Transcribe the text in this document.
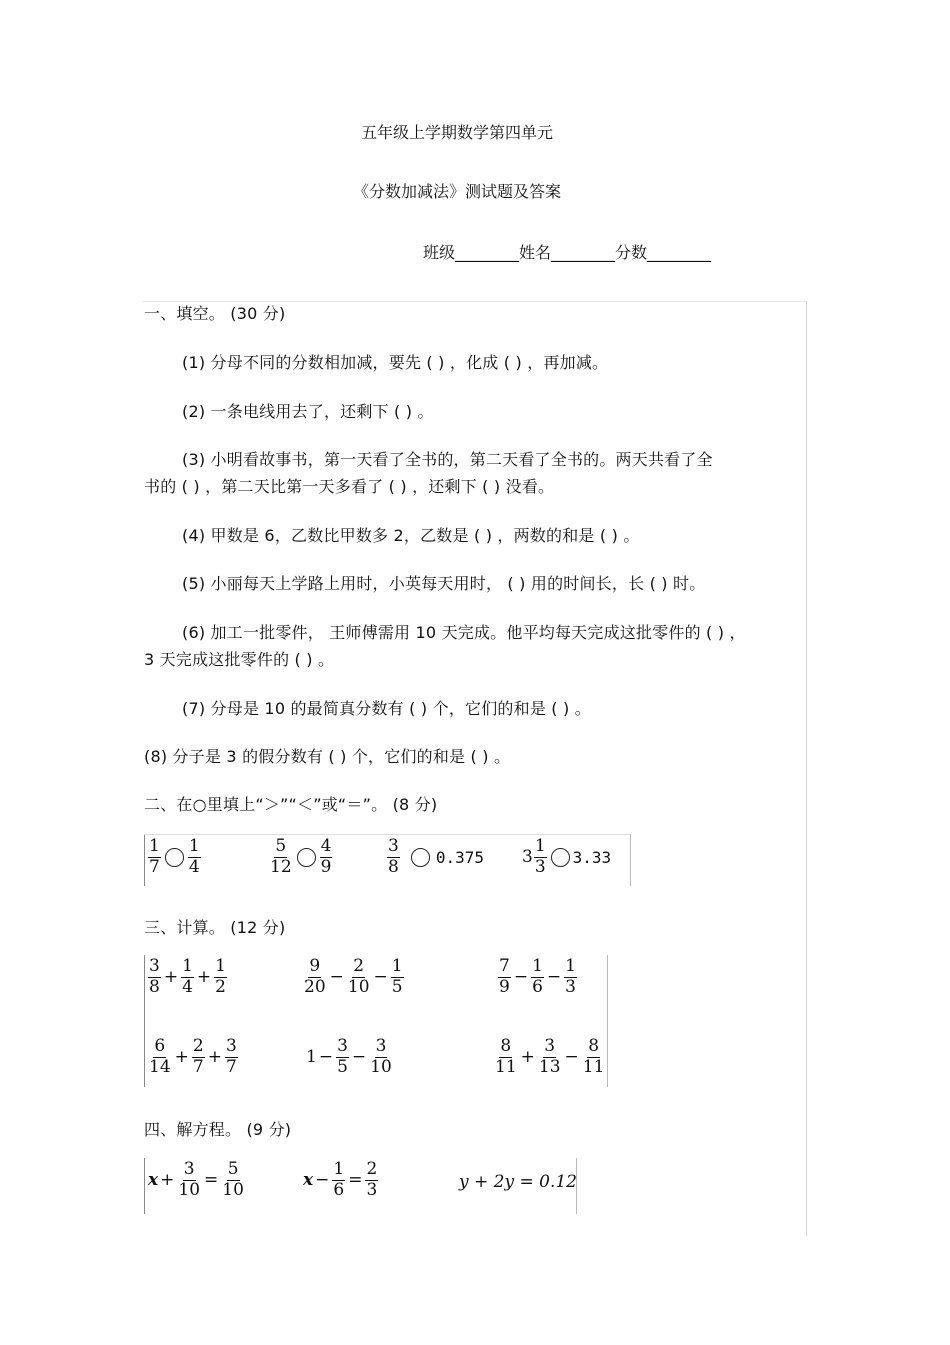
五年级上学期数学第四单元
《分数加减法》测试题及答案
班级________姓名________分数________
一、填空。 (30 分)
(1) 分母不同的分数相加减，要先 ( ) ，化成 ( ) ，再加减。
(2) 一条电线用去了，还剩下 ( ) 。
(3) 小明看故事书，第一天看了全书的，第二天看了全书的。两天共看了全
书的 ( ) ，第二天比第一天多看了 ( ) ，还剩下 ( ) 没看。
(4) 甲数是 6，乙数比甲数多 2，乙数是 ( ) ，两数的和是 ( ) 。
(5) 小丽每天上学路上用时，小英每天用时， ( ) 用的时间长，长 ( ) 时。
(6) 加工一批零件， 王师傅需用 10 天完成。他平均每天完成这批零件的 ( ) ，
3 天完成这批零件的 ( ) 。
(7) 分母是 10 的最简真分数有 ( ) 个，它们的和是 ( ) 。
(8) 分子是 3 的假分数有 ( ) 个，它们的和是 ( ) 。
二、在○里填上“＞”“＜”或“＝”。 (8 分)
$\frac{1}{7} \frac{1}{4}$	$\frac{5}{12} \frac{4}{9}$	$\frac{3}{8} 0.375$ $3 \frac{1}{3} 3.33$
三、计算。 (12 分)
$\frac{3}{8} + \frac{1}{4} + \frac{1}{2}$	$\frac{9}{20} - \frac{2}{10} - \frac{1}{5}$	$\frac{7}{9} - \frac{1}{6} - \frac{1}{3}$
$\frac{6}{14} + \frac{2}{7} + \frac{3}{7}$	$1 - \frac{3}{5} - \frac{3}{10}$	$\frac{8}{11} + \frac{3}{13} - \frac{8}{11}$
四、解方程。 (9 分)
$x + \frac{3}{10} = \frac{5}{10}$	$x - \frac{1}{6} = \frac{2}{3}$	y + 2y = 0.12
